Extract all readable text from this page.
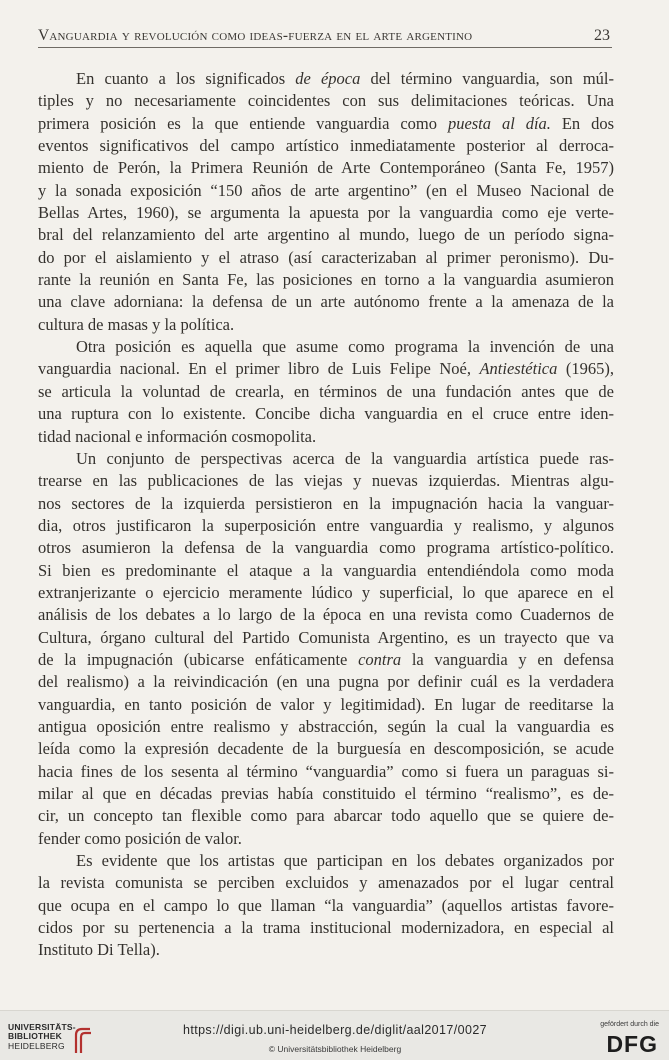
Vanguardia y revolución como ideas-fuerza en el arte argentino	23
En cuanto a los significados de época del término vanguardia, son múl-
tiples y no necesariamente coincidentes con sus delimitaciones teóricas. Una
primera posición es la que entiende vanguardia como puesta al día. En dos
eventos significativos del campo artístico inmediatamente posterior al derroca-
miento de Perón, la Primera Reunión de Arte Contemporáneo (Santa Fe, 1957)
y la sonada exposición “150 años de arte argentino” (en el Museo Nacional de
Bellas Artes, 1960), se argumenta la apuesta por la vanguardia como eje verte-
bral del relanzamiento del arte argentino al mundo, luego de un período signa-
do por el aislamiento y el atraso (así caracterizaban al primer peronismo). Du-
rante la reunión en Santa Fe, las posiciones en torno a la vanguardia asumieron
una clave adorniana: la defensa de un arte autónomo frente a la amenaza de la
cultura de masas y la política.
Otra posición es aquella que asume como programa la invención de una
vanguardia nacional. En el primer libro de Luis Felipe Noé, Antiestética (1965),
se articula la voluntad de crearla, en términos de una fundación antes que de
una ruptura con lo existente. Concibe dicha vanguardia en el cruce entre iden-
tidad nacional e información cosmopolita.
Un conjunto de perspectivas acerca de la vanguardia artística puede ras-
trearse en las publicaciones de las viejas y nuevas izquierdas. Mientras algu-
nos sectores de la izquierda persistieron en la impugnación hacia la vanguar-
dia, otros justificaron la superposición entre vanguardia y realismo, y algunos
otros asumieron la defensa de la vanguardia como programa artístico-político.
Si bien es predominante el ataque a la vanguardia entendiéndola como moda
extranjerizante o ejercicio meramente lúdico y superficial, lo que aparece en el
análisis de los debates a lo largo de la época en una revista como Cuadernos de
Cultura, órgano cultural del Partido Comunista Argentino, es un trayecto que va
de la impugnación (ubicarse enfáticamente contra la vanguardia y en defensa
del realismo) a la reivindicación (en una pugna por definir cuál es la verdadera
vanguardia, en tanto posición de valor y legitimidad). En lugar de reeditarse la
antigua oposición entre realismo y abstracción, según la cual la vanguardia es
leída como la expresión decadente de la burguesía en descomposición, se acude
hacia fines de los sesenta al término “vanguardia” como si fuera un paraguas si-
milar al que en décadas previas había constituido el término “realismo”, es de-
cir, un concepto tan flexible como para abarcar todo aquello que se quiere de-
fender como posición de valor.
Es evidente que los artistas que participan en los debates organizados por
la revista comunista se perciben excluidos y amenazados por el lugar central
que ocupa en el campo lo que llaman “la vanguardia” (aquellos artistas favore-
cidos por su pertenencia a la trama institucional modernizadora, en especial al
Instituto Di Tella).
UNIVERSITÄTS-
BIBLIOTHEK
HEIDELBERG
https://digi.ub.uni-heidelberg.de/diglit/aal2017/0027
© Universitätsbibliothek Heidelberg
gefördert durch die
DFG
